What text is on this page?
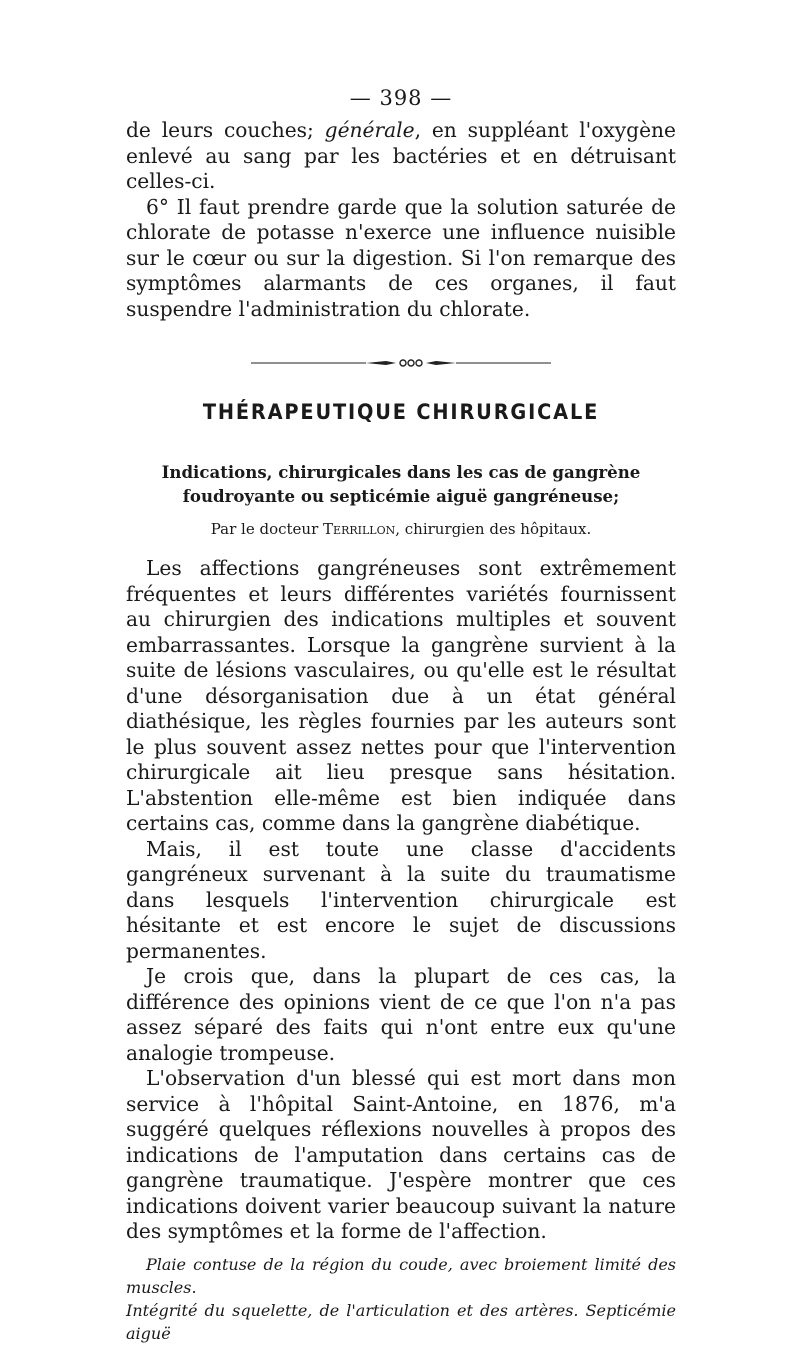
— 398 —

de leurs couches; générale, en suppléant l'oxygène enlevé au sang par les bactéries et en détruisant celles-ci.

6° Il faut prendre garde que la solution saturée de chlorate de potasse n'exerce une influence nuisible sur le cœur ou sur la digestion. Si l'on remarque des symptômes alarmants de ces organes, il faut suspendre l'administration du chlorate.

THÉRAPEUTIQUE CHIRURGICALE

Indications, chirurgicales dans les cas de gangrène

foudroyante ou septicémie aiguë gangréneuse;

Par le docteur Terrillon, chirurgien des hôpitaux.

Les affections gangréneuses sont extrêmement fréquentes et leurs différentes variétés fournissent au chirurgien des indications multiples et souvent embarrassantes. Lorsque la gangrène survient à la suite de lésions vasculaires, ou qu'elle est le résultat d'une désorganisation due à un état général diathésique, les règles fournies par les auteurs sont le plus souvent assez nettes pour que l'intervention chirurgicale ait lieu presque sans hésitation. L'abstention elle-même est bien indiquée dans certains cas, comme dans la gangrène diabétique.

Mais, il est toute une classe d'accidents gangréneux survenant à la suite du traumatisme dans lesquels l'intervention chirurgicale est hésitante et est encore le sujet de discussions permanentes.

Je crois que, dans la plupart de ces cas, la différence des opinions vient de ce que l'on n'a pas assez séparé des faits qui n'ont entre eux qu'une analogie trompeuse.

L'observation d'un blessé qui est mort dans mon service à l'hôpital Saint-Antoine, en 1876, m'a suggéré quelques réflexions nouvelles à propos des indications de l'amputation dans certains cas de gangrène traumatique. J'espère montrer que ces indications doivent varier beaucoup suivant la nature des symptômes et la forme de l'affection.

Plaie contuse de la région du coude, avec broiement limité des muscles.
Intégrité du squelette, de l'articulation et des artères. Septicémie aiguë
